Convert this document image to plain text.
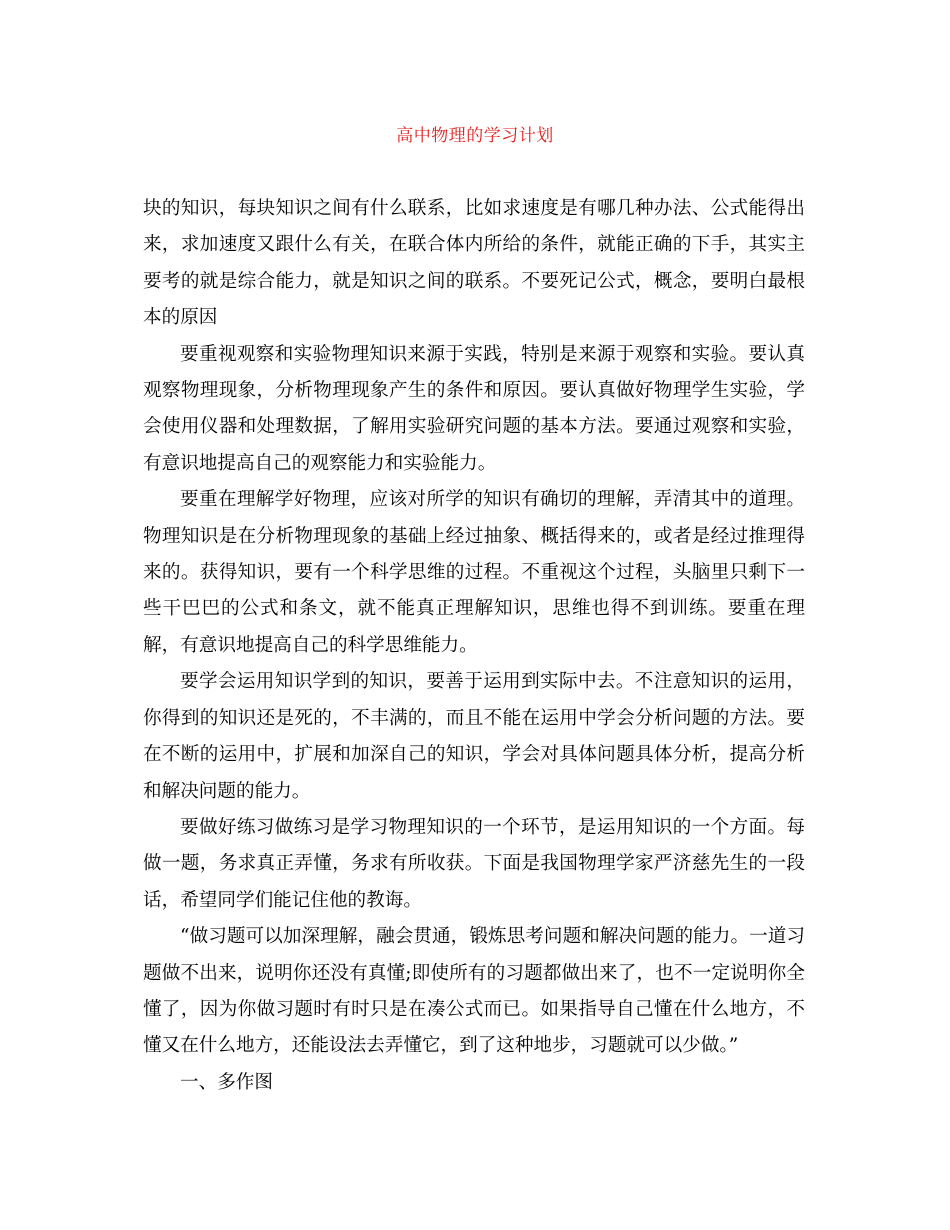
高中物理的学习计划

块的知识，每块知识之间有什么联系，比如求速度是有哪几种办法、公式能得出来，求加速度又跟什么有关，在联合体内所给的条件，就能正确的下手，其实主要考的就是综合能力，就是知识之间的联系。不要死记公式，概念，要明白最根本的原因

要重视观察和实验物理知识来源于实践，特别是来源于观察和实验。要认真观察物理现象，分析物理现象产生的条件和原因。要认真做好物理学生实验，学会使用仪器和处理数据，了解用实验研究问题的基本方法。要通过观察和实验，有意识地提高自己的观察能力和实验能力。

要重在理解学好物理，应该对所学的知识有确切的理解，弄清其中的道理。物理知识是在分析物理现象的基础上经过抽象、概括得来的，或者是经过推理得来的。获得知识，要有一个科学思维的过程。不重视这个过程，头脑里只剩下一些干巴巴的公式和条文，就不能真正理解知识，思维也得不到训练。要重在理解，有意识地提高自己的科学思维能力。

要学会运用知识学到的知识，要善于运用到实际中去。不注意知识的运用，你得到的知识还是死的，不丰满的，而且不能在运用中学会分析问题的方法。要在不断的运用中，扩展和加深自己的知识，学会对具体问题具体分析，提高分析和解决问题的能力。

要做好练习做练习是学习物理知识的一个环节，是运用知识的一个方面。每做一题，务求真正弄懂，务求有所收获。下面是我国物理学家严济慈先生的一段话，希望同学们能记住他的教诲。

“做习题可以加深理解，融会贯通，锻炼思考问题和解决问题的能力。一道习题做不出来，说明你还没有真懂;即使所有的习题都做出来了，也不一定说明你全懂了，因为你做习题时有时只是在凑公式而已。如果指导自己懂在什么地方，不懂又在什么地方，还能设法去弄懂它，到了这种地步，习题就可以少做。”

一、多作图
